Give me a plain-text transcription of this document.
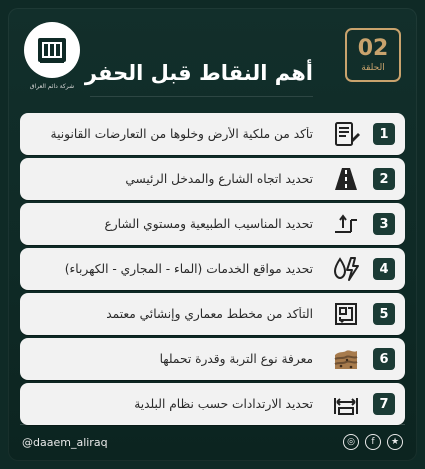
شركة دائم العراق
02
الحلقة
أهم النقاط قبل الحفر
تأكد من ملكية الأرض وخلوها من التعارضات القانونية	1
تحديد اتجاه الشارع والمدخل الرئيسي	2
تحديد المناسيب الطبيعية ومستوي الشارع	3
تحديد مواقع الخدمات (الماء - المجاري - الكهرباء)	4
التأكد من مخطط معماري وإنشائي معتمد	5
معرفة نوع التربة وقدرة تحملها	6
تحديد الارتدادات حسب نظام البلدية	7
@daaem_aliraq	◎	f	★
